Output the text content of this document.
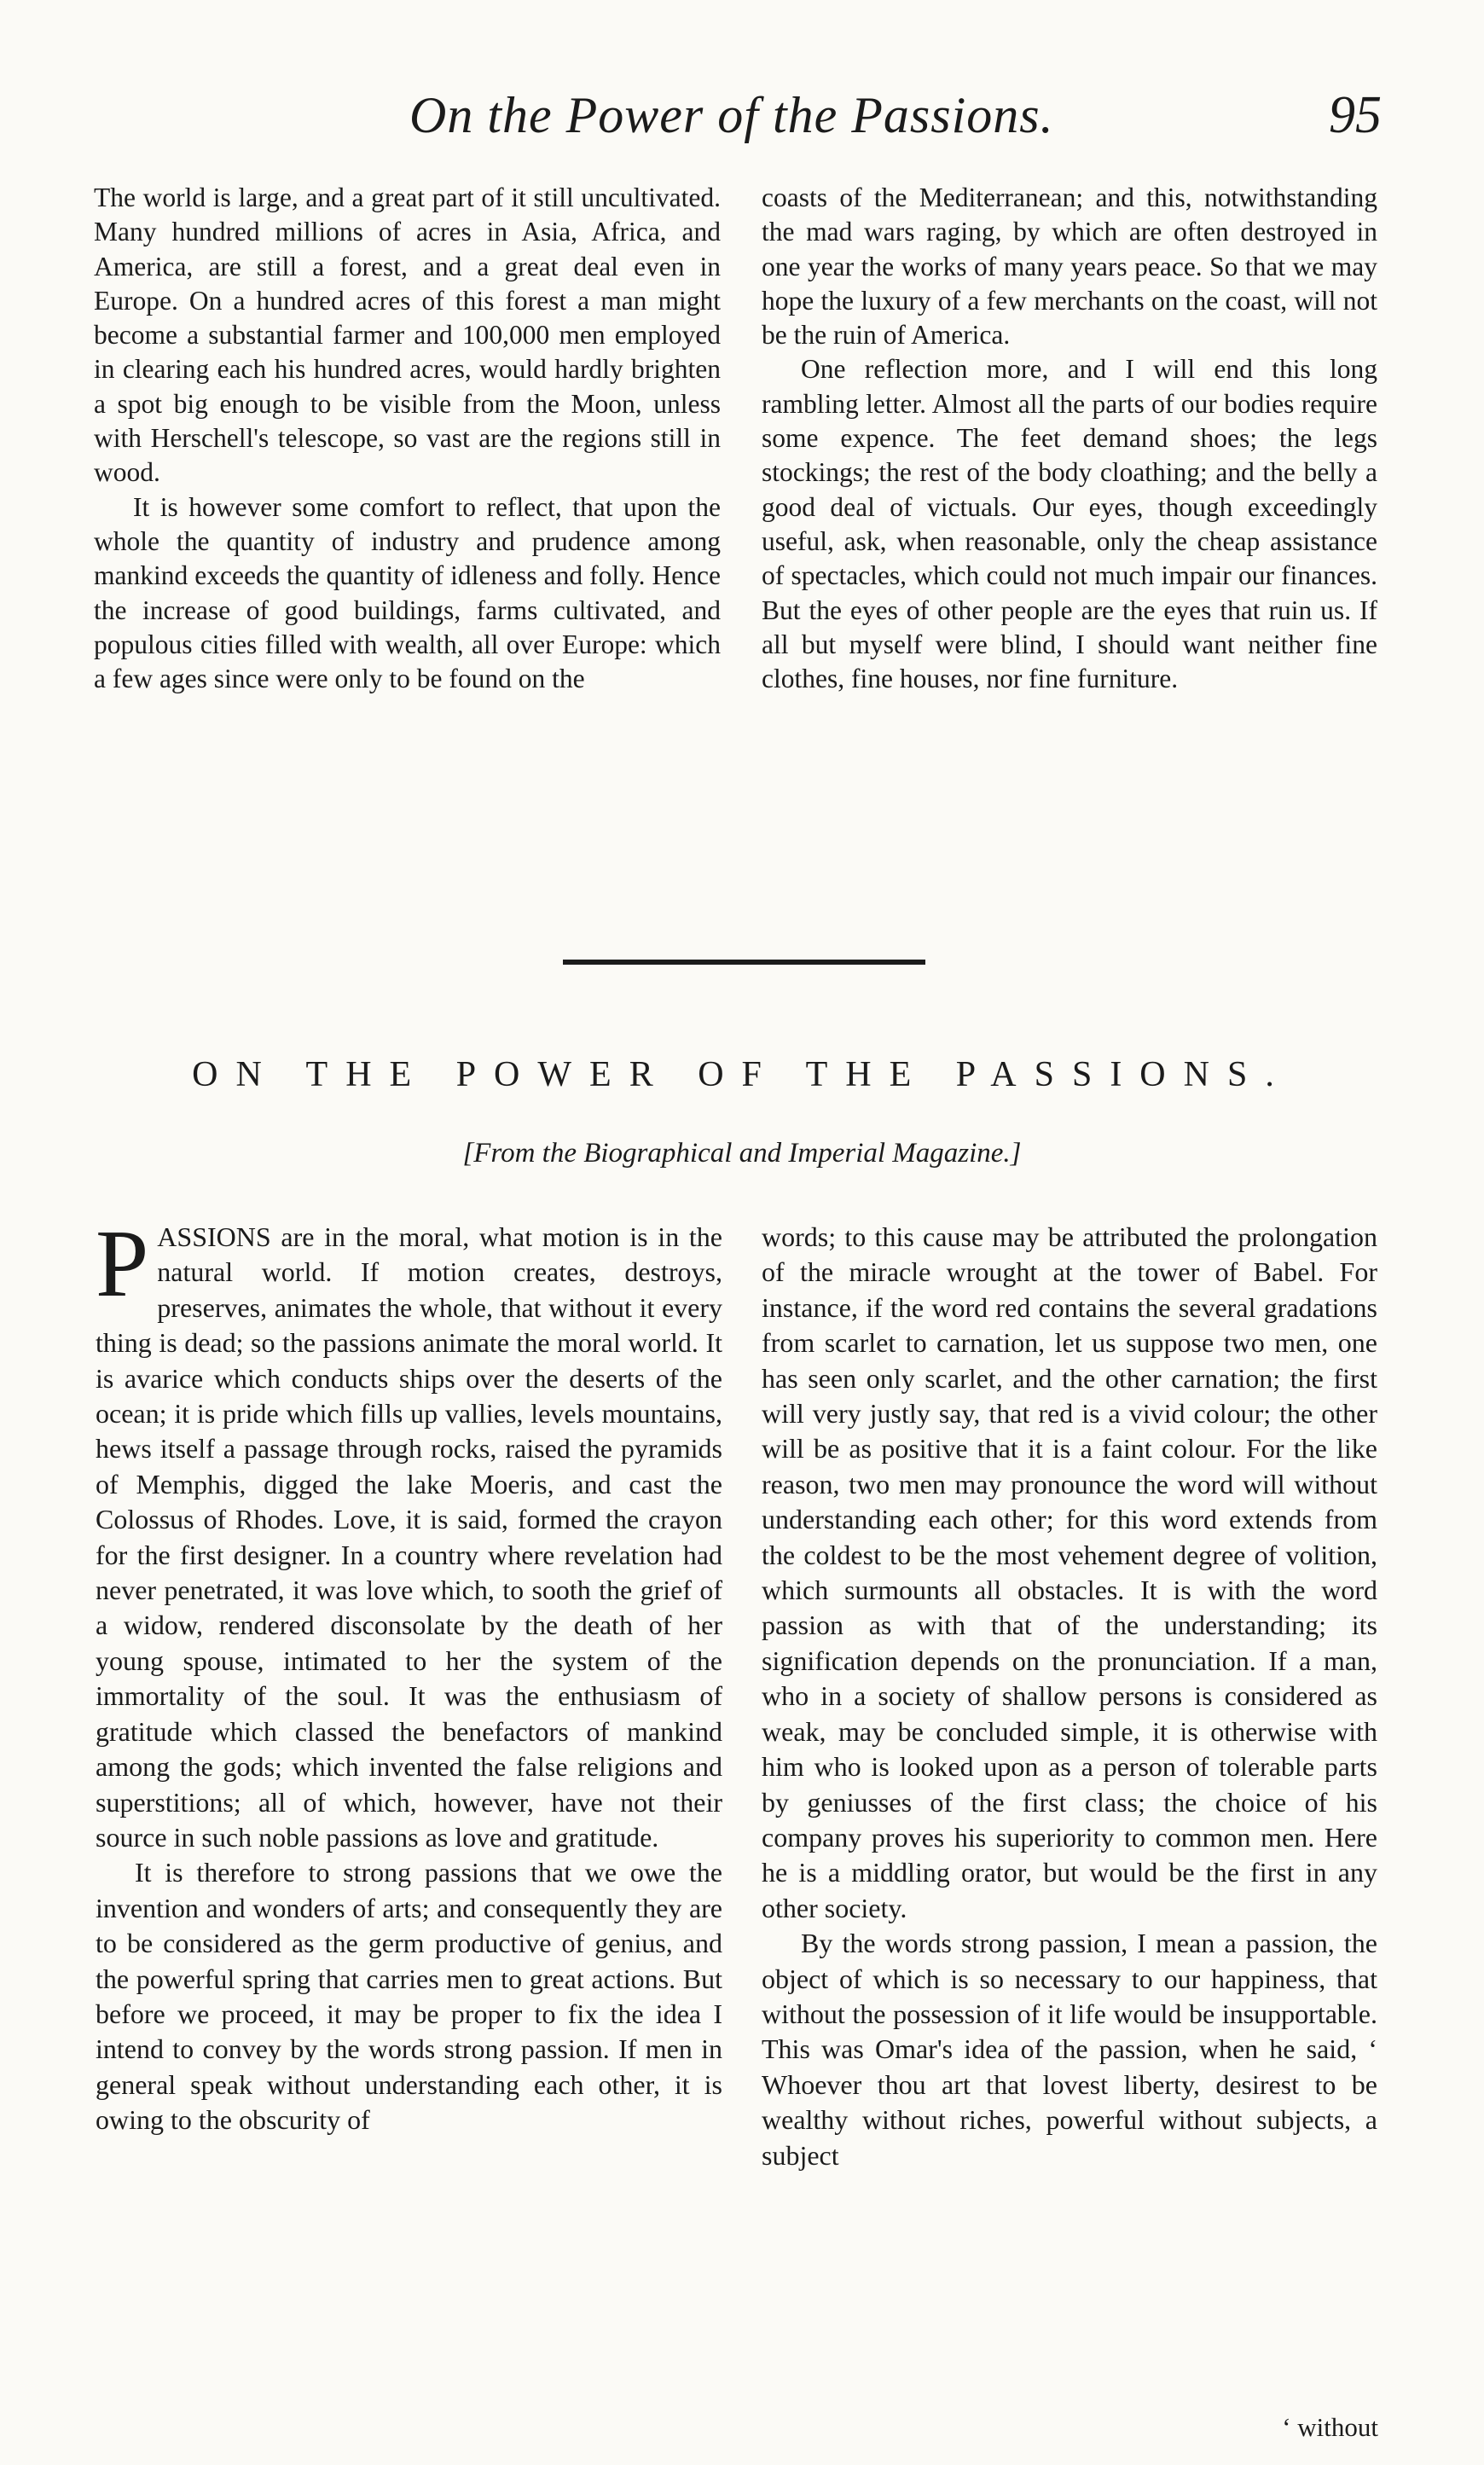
On the Power of the Passions.	95

The world is large, and a great part of it still uncultivated. Many hundred millions of acres in Asia, Africa, and America, are still a forest, and a great deal even in Europe. On a hundred acres of this forest a man might become a substantial farmer and 100,000 men employed in clearing each his hundred acres, would hardly brighten a spot big enough to be visible from the Moon, unless with Herschell's telescope, so vast are the regions still in wood.

It is however some comfort to reflect, that upon the whole the quantity of industry and prudence among mankind exceeds the quantity of idleness and folly. Hence the increase of good buildings, farms cultivated, and populous cities filled with wealth, all over Europe: which a few ages since were only to be found on the

coasts of the Mediterranean; and this, notwithstanding the mad wars raging, by which are often destroyed in one year the works of many years peace. So that we may hope the luxury of a few merchants on the coast, will not be the ruin of America.

One reflection more, and I will end this long rambling letter. Almost all the parts of our bodies require some expence. The feet demand shoes; the legs stockings; the rest of the body cloathing; and the belly a good deal of victuals. Our eyes, though exceedingly useful, ask, when reasonable, only the cheap assistance of spectacles, which could not much impair our finances. But the eyes of other people are the eyes that ruin us. If all but myself were blind, I should want neither fine clothes, fine houses, nor fine furniture.

ON THE POWER OF THE PASSIONS.
[From the Biographical and Imperial Magazine.]

PASSIONS are in the moral, what motion is in the natural world. If motion creates, destroys, preserves, animates the whole, that without it every thing is dead; so the passions animate the moral world. It is avarice which conducts ships over the deserts of the ocean; it is pride which fills up vallies, levels mountains, hews itself a passage through rocks, raised the pyramids of Memphis, digged the lake Moeris, and cast the Colossus of Rhodes. Love, it is said, formed the crayon for the first designer. In a country where revelation had never penetrated, it was love which, to sooth the grief of a widow, rendered disconsolate by the death of her young spouse, intimated to her the system of the immortality of the soul. It was the enthusiasm of gratitude which classed the benefactors of mankind among the gods; which invented the false religions and superstitions; all of which, however, have not their source in such noble passions as love and gratitude.

It is therefore to strong passions that we owe the invention and wonders of arts; and consequently they are to be considered as the germ productive of genius, and the powerful spring that carries men to great actions. But before we proceed, it may be proper to fix the idea I intend to convey by the words strong passion. If men in general speak without understanding each other, it is owing to the obscurity of

words; to this cause may be attributed the prolongation of the miracle wrought at the tower of Babel. For instance, if the word red contains the several gradations from scarlet to carnation, let us suppose two men, one has seen only scarlet, and the other carnation; the first will very justly say, that red is a vivid colour; the other will be as positive that it is a faint colour. For the like reason, two men may pronounce the word will without understanding each other; for this word extends from the coldest to be the most vehement degree of volition, which surmounts all obstacles. It is with the word passion as with that of the understanding; its signification depends on the pronunciation. If a man, who in a society of shallow persons is considered as weak, may be concluded simple, it is otherwise with him who is looked upon as a person of tolerable parts by geniusses of the first class; the choice of his company proves his superiority to common men. Here he is a middling orator, but would be the first in any other society.

By the words strong passion, I mean a passion, the object of which is so necessary to our happiness, that without the possession of it life would be insupportable. This was Omar's idea of the passion, when he said, ‘ Whoever thou art that lovest liberty, desirest to be wealthy without riches, powerful without subjects, a subject

‘ without
